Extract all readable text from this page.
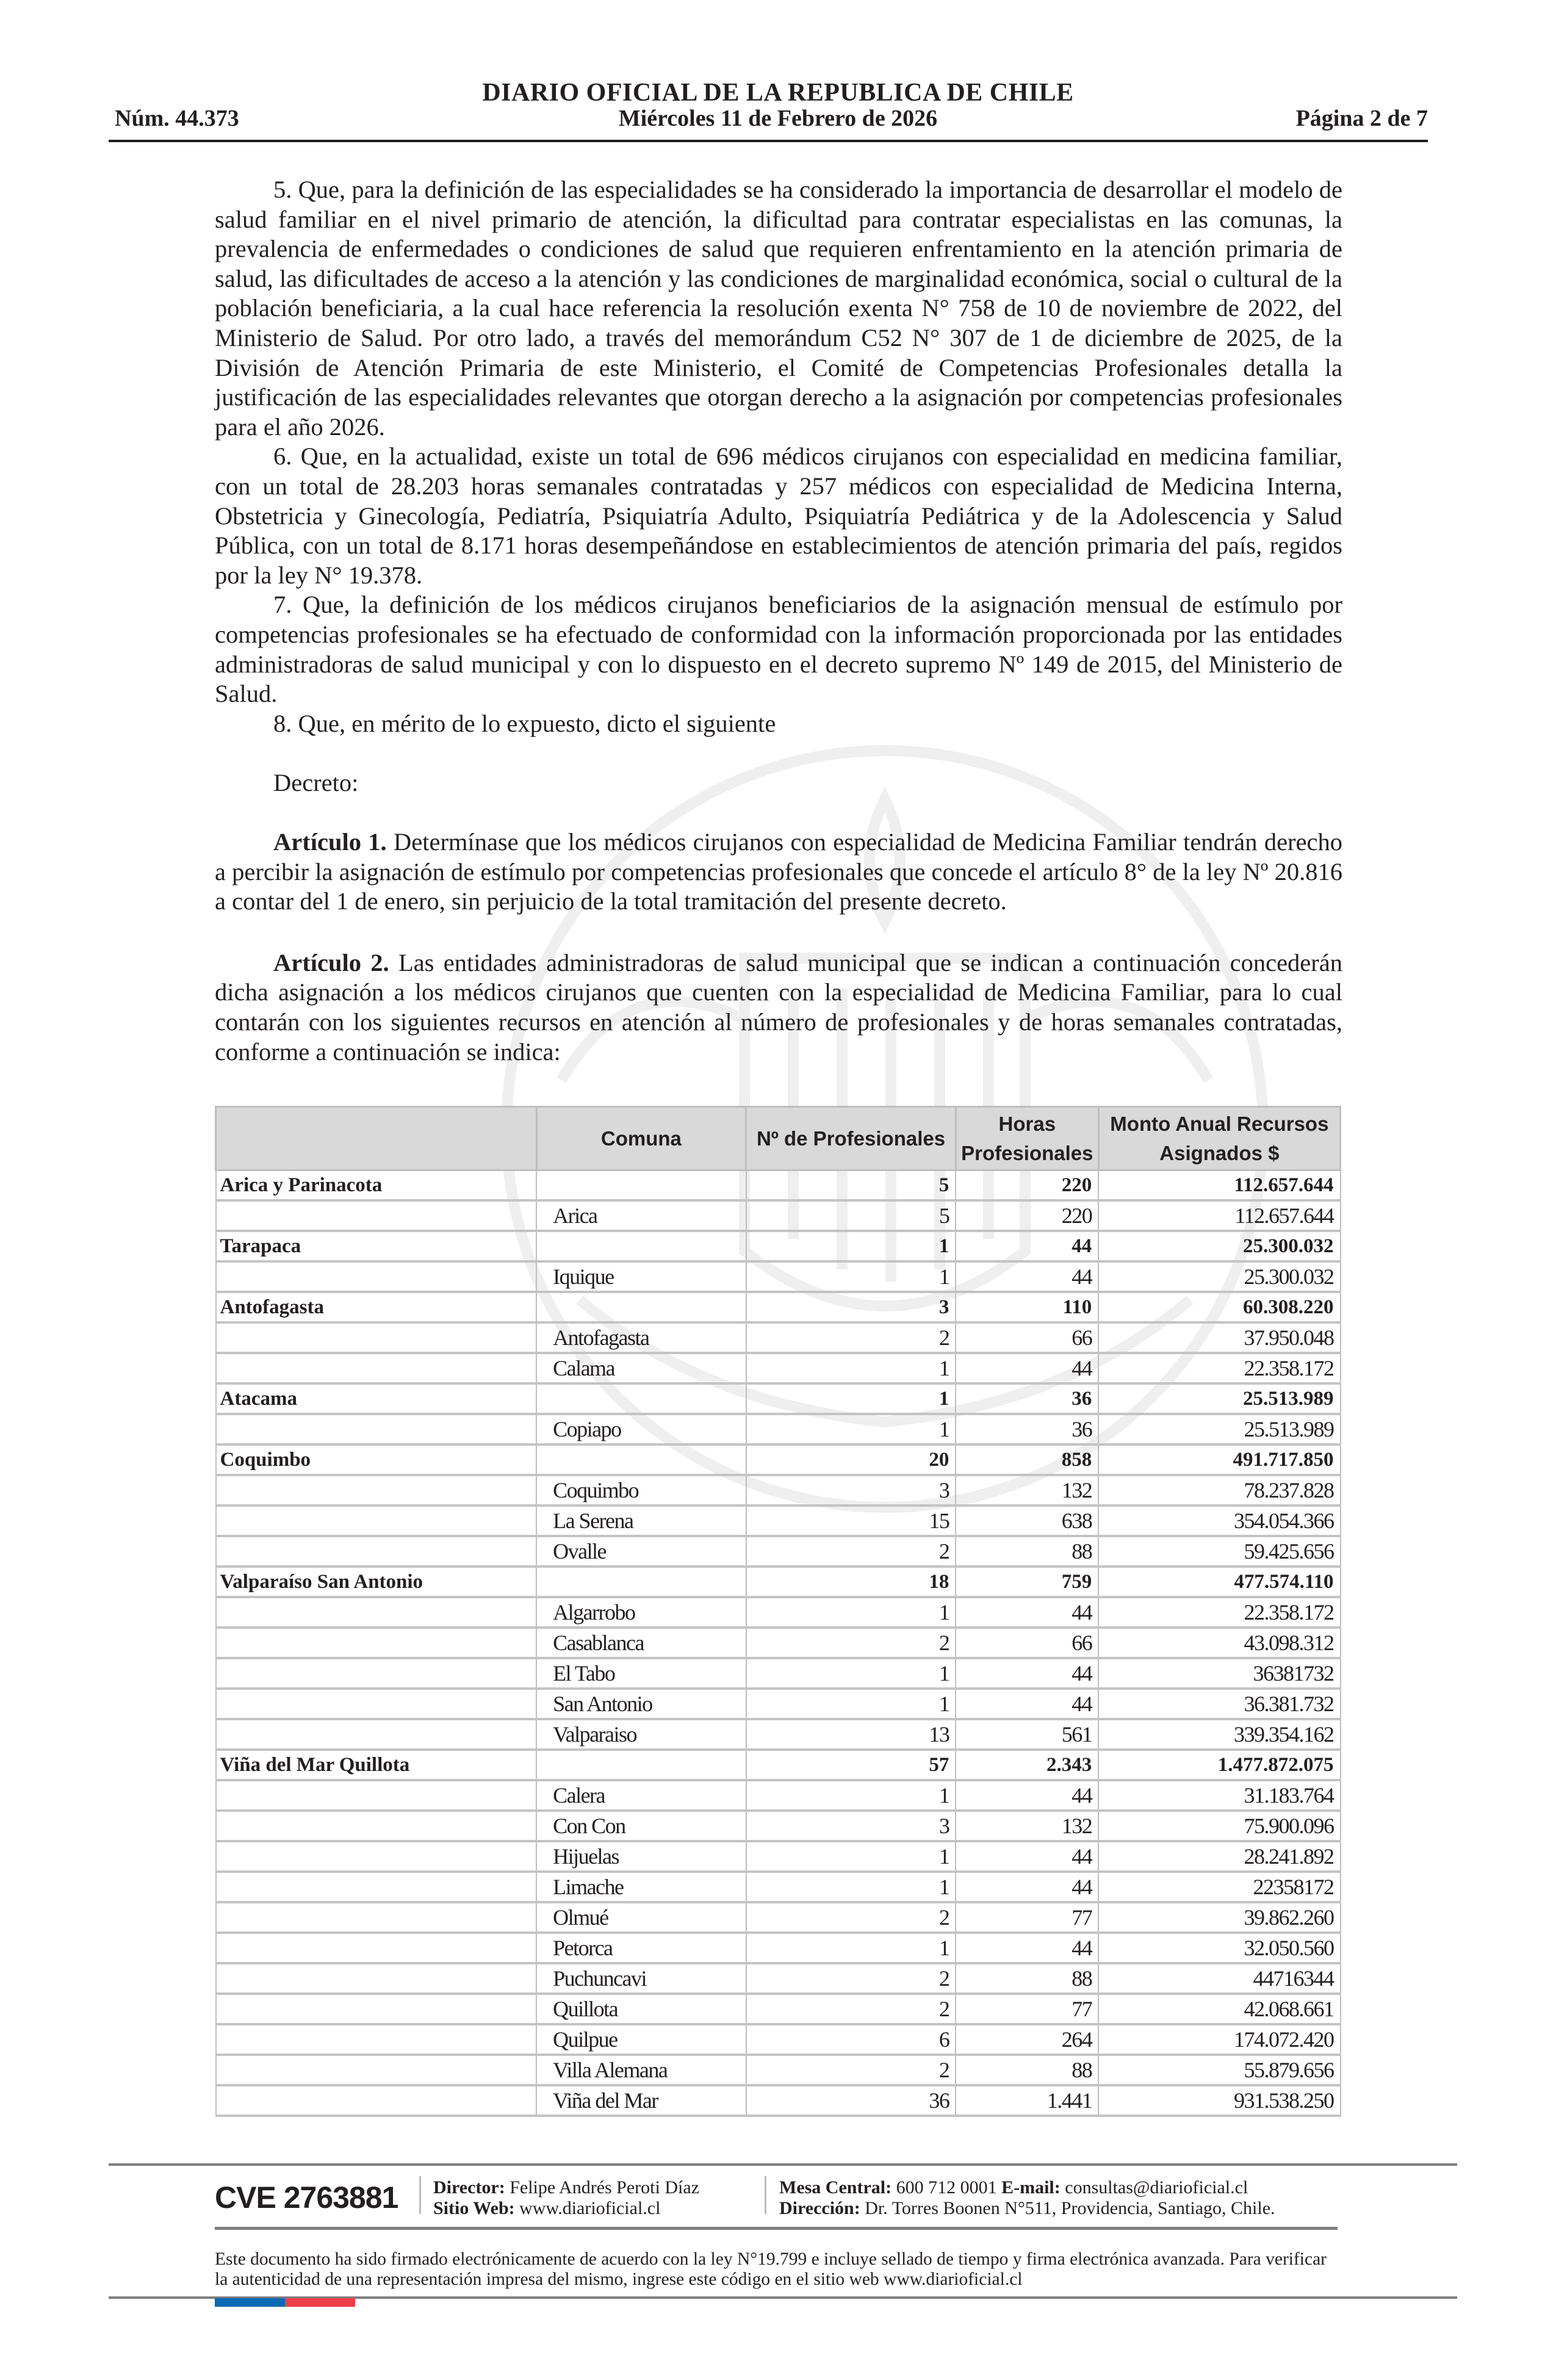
DIARIO OFICIAL DE LA REPUBLICA DE CHILE
Núm. 44.373	Miércoles 11 de Febrero de 2026	Página 2 de 7

5. Que, para la definición de las especialidades se ha considerado la importancia de desarrollar el modelo de salud familiar en el nivel primario de atención, la dificultad para contratar especialistas en las comunas, la prevalencia de enfermedades o condiciones de salud que requieren enfrentamiento en la atención primaria de salud, las dificultades de acceso a la atención y las condiciones de marginalidad económica, social o cultural de la población beneficiaria, a la cual hace referencia la resolución exenta N° 758 de 10 de noviembre de 2022, del Ministerio de Salud. Por otro lado, a través del memorándum C52 N° 307 de 1 de diciembre de 2025, de la División de Atención Primaria de este Ministerio, el Comité de Competencias Profesionales detalla la justificación de las especialidades relevantes que otorgan derecho a la asignación por competencias profesionales para el año 2026.

6. Que, en la actualidad, existe un total de 696 médicos cirujanos con especialidad en medicina familiar, con un total de 28.203 horas semanales contratadas y 257 médicos con especialidad de Medicina Interna, Obstetricia y Ginecología, Pediatría, Psiquiatría Adulto, Psiquiatría Pediátrica y de la Adolescencia y Salud Pública, con un total de 8.171 horas desempeñándose en establecimientos de atención primaria del país, regidos por la ley N° 19.378.

7. Que, la definición de los médicos cirujanos beneficiarios de la asignación mensual de estímulo por competencias profesionales se ha efectuado de conformidad con la información proporcionada por las entidades administradoras de salud municipal y con lo dispuesto en el decreto supremo Nº 149 de 2015, del Ministerio de Salud.

8. Que, en mérito de lo expuesto, dicto el siguiente

Decreto:

Artículo 1. Determínase que los médicos cirujanos con especialidad de Medicina Familiar tendrán derecho a percibir la asignación de estímulo por competencias profesionales que concede el artículo 8° de la ley Nº 20.816 a contar del 1 de enero, sin perjuicio de la total tramitación del presente decreto.

Artículo 2. Las entidades administradoras de salud municipal que se indican a continuación concederán dicha asignación a los médicos cirujanos que cuenten con la especialidad de Medicina Familiar, para lo cual contarán con los siguientes recursos en atención al número de profesionales y de horas semanales contratadas, conforme a continuación se indica:

	Comuna	Nº de Profesionales	Horas Profesionales	Monto Anual Recursos Asignados $
Arica y Parinacota		5	220	112.657.644
	Arica	5	220	112.657.644
Tarapaca		1	44	25.300.032
	Iquique	1	44	25.300.032
Antofagasta		3	110	60.308.220
	Antofagasta	2	66	37.950.048
	Calama	1	44	22.358.172
Atacama		1	36	25.513.989
	Copiapo	1	36	25.513.989
Coquimbo		20	858	491.717.850
	Coquimbo	3	132	78.237.828
	La Serena	15	638	354.054.366
	Ovalle	2	88	59.425.656
Valparaíso San Antonio		18	759	477.574.110
	Algarrobo	1	44	22.358.172
	Casablanca	2	66	43.098.312
	El Tabo	1	44	36381732
	San Antonio	1	44	36.381.732
	Valparaiso	13	561	339.354.162
Viña del Mar Quillota		57	2.343	1.477.872.075
	Calera	1	44	31.183.764
	Con Con	3	132	75.900.096
	Hijuelas	1	44	28.241.892
	Limache	1	44	22358172
	Olmué	2	77	39.862.260
	Petorca	1	44	32.050.560
	Puchuncavi	2	88	44716344
	Quillota	2	77	42.068.661
	Quilpue	6	264	174.072.420
	Villa Alemana	2	88	55.879.656
	Viña del Mar	36	1.441	931.538.250
CVE 2763881 Director: Felipe Andrés Peroti Díaz
Sitio Web: www.diarioficial.cl
Mesa Central: 600 712 0001 E-mail: consultas@diarioficial.cl
Dirección: Dr. Torres Boonen N°511, Providencia, Santiago, Chile.
Este documento ha sido firmado electrónicamente de acuerdo con la ley N°19.799 e incluye sellado de tiempo y firma electrónica avanzada. Para verificar la autenticidad de una representación impresa del mismo, ingrese este código en el sitio web www.diarioficial.cl
